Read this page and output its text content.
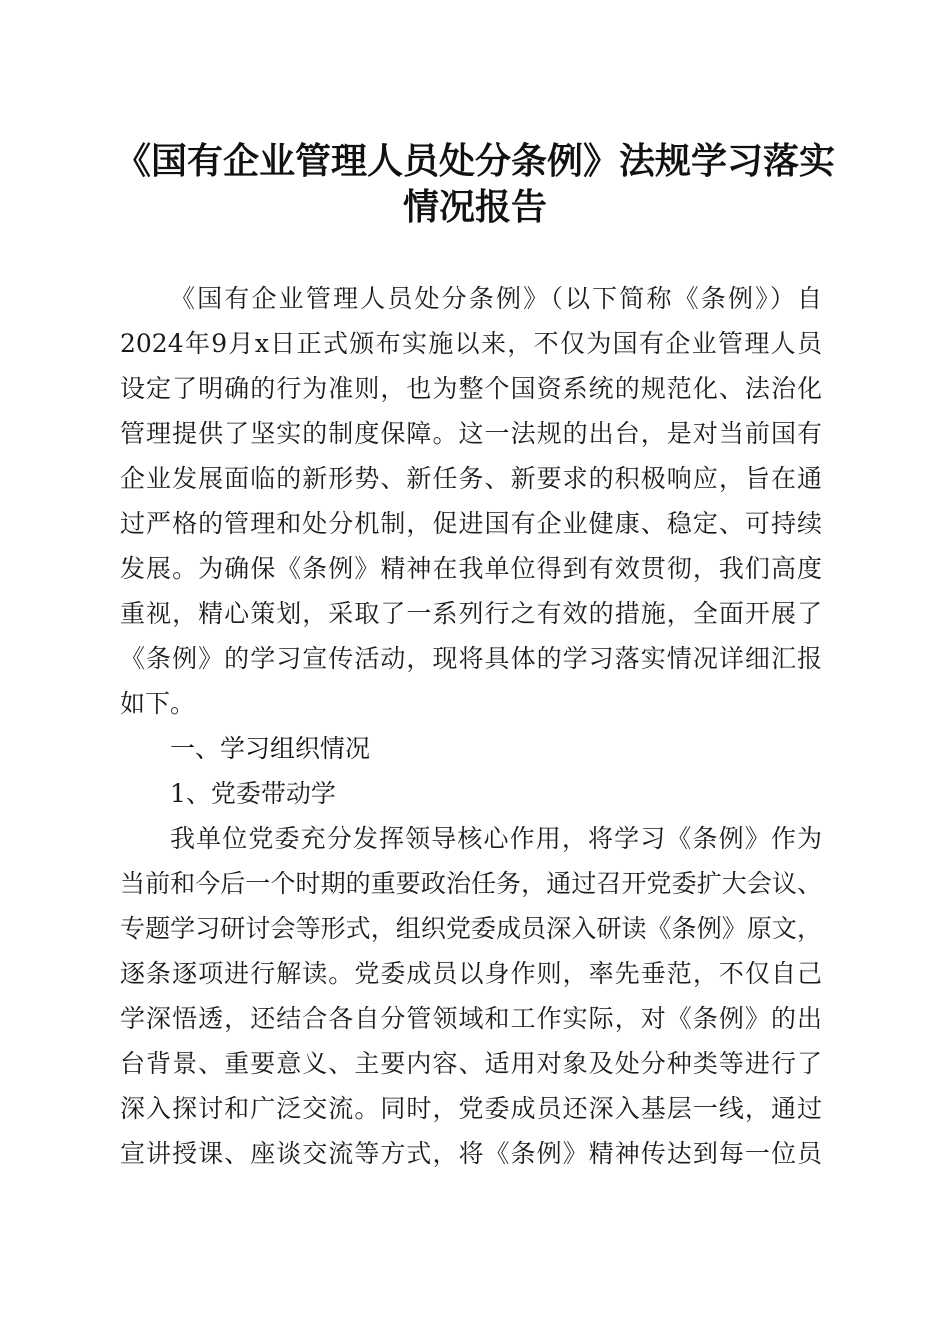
《国有企业管理人员处分条例》法规学习落实
情况报告
《国有企业管理人员处分条例》（以下简称《条例》）自
2024年9月x日正式颁布实施以来，不仅为国有企业管理人员
设定了明确的行为准则，也为整个国资系统的规范化、法治化
管理提供了坚实的制度保障。这一法规的出台，是对当前国有
企业发展面临的新形势、新任务、新要求的积极响应，旨在通
过严格的管理和处分机制，促进国有企业健康、稳定、可持续
发展。为确保《条例》精神在我单位得到有效贯彻，我们高度
重视，精心策划，采取了一系列行之有效的措施，全面开展了
《条例》的学习宣传活动，现将具体的学习落实情况详细汇报
如下。
一、学习组织情况
1、党委带动学
我单位党委充分发挥领导核心作用，将学习《条例》作为
当前和今后一个时期的重要政治任务，通过召开党委扩大会议、
专题学习研讨会等形式，组织党委成员深入研读《条例》原文，
逐条逐项进行解读。党委成员以身作则，率先垂范，不仅自己
学深悟透，还结合各自分管领域和工作实际，对《条例》的出
台背景、重要意义、主要内容、适用对象及处分种类等进行了
深入探讨和广泛交流。同时，党委成员还深入基层一线，通过
宣讲授课、座谈交流等方式，将《条例》精神传达到每一位员
